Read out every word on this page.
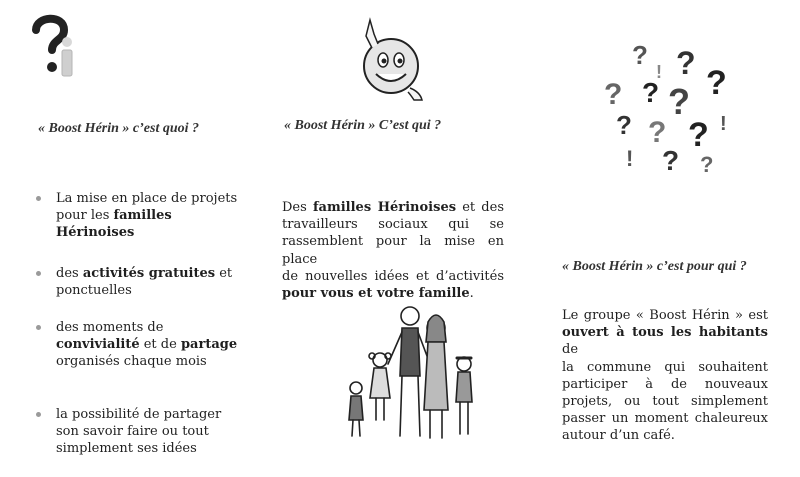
« Boost Hérin » c’est quoi ?
La mise en place de projets
pour les familles
Hérinoises
des activités gratuites et
ponctuelles
des moments de
convivialité et de partage
organisés chaque mois
la possibilité de partager
son savoir faire ou tout
simplement ses idées
« Boost Hérin » C’est qui ?
Des familles Hérinoises et des
travailleurs sociaux qui se
rassemblent pour la mise en place
de nouvelles idées et d’activités
pour vous et votre famille.
? ?
?
? ? ?
? ? ?
! ? ?
!
!
« Boost Hérin » c’est pour qui ?
Le groupe « Boost Hérin » est
ouvert à tous les habitants de
la commune qui souhaitent
participer à de nouveaux
projets, ou tout simplement
passer un moment chaleureux
autour d’un café.
